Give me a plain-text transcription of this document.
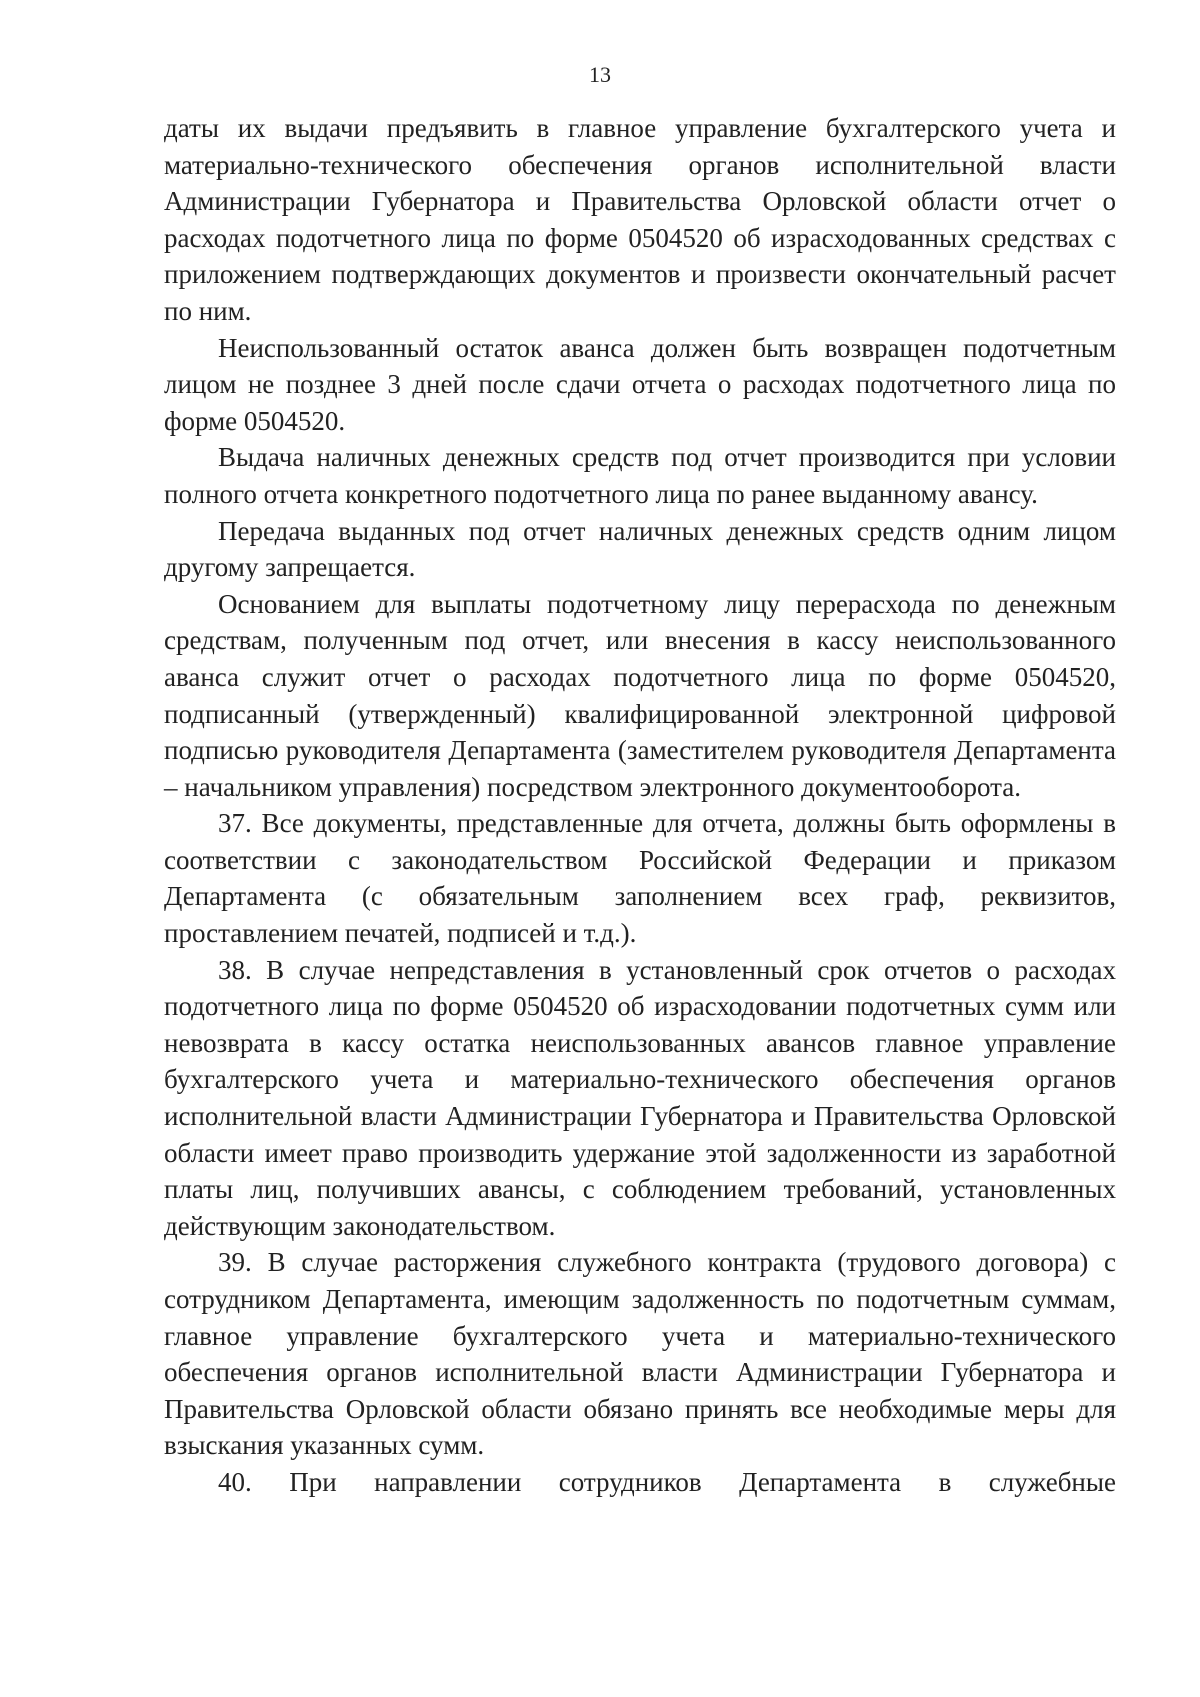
13

даты их выдачи предъявить в главное управление бухгалтерского учета и материально-технического обеспечения органов исполнительной власти Администрации Губернатора и Правительства Орловской области отчет о расходах подотчетного лица по форме 0504520 об израсходованных средствах с приложением подтверждающих документов и произвести окончательный расчет по ним.

Неиспользованный остаток аванса должен быть возвращен подотчетным лицом не позднее 3 дней после сдачи отчета о расходах подотчетного лица по форме 0504520.

Выдача наличных денежных средств под отчет производится при условии полного отчета конкретного подотчетного лица по ранее выданному авансу.

Передача выданных под отчет наличных денежных средств одним лицом другому запрещается.

Основанием для выплаты подотчетному лицу перерасхода по денежным средствам, полученным под отчет, или внесения в кассу неиспользованного аванса служит отчет о расходах подотчетного лица по форме 0504520, подписанный (утвержденный) квалифицированной электронной цифровой подписью руководителя Департамента (заместителем руководителя Департамента – начальником управления) посредством электронного документооборота.

37. Все документы, представленные для отчета, должны быть оформлены в соответствии с законодательством Российской Федерации и приказом Департамента (с обязательным заполнением всех граф, реквизитов, проставлением печатей, подписей и т.д.).

38. В случае непредставления в установленный срок отчетов о расходах подотчетного лица по форме 0504520 об израсходовании подотчетных сумм или невозврата в кассу остатка неиспользованных авансов главное управление бухгалтерского учета и материально-технического обеспечения органов исполнительной власти Администрации Губернатора и Правительства Орловской области имеет право производить удержание этой задолженности из заработной платы лиц, получивших авансы, с соблюдением требований, установленных действующим законодательством.

39. В случае расторжения служебного контракта (трудового договора) с сотрудником Департамента, имеющим задолженность по подотчетным суммам, главное управление бухгалтерского учета и материально-технического обеспечения органов исполнительной власти Администрации Губернатора и Правительства Орловской области обязано принять все необходимые меры для взыскания указанных сумм.

40. При направлении сотрудников Департамента в служебные
